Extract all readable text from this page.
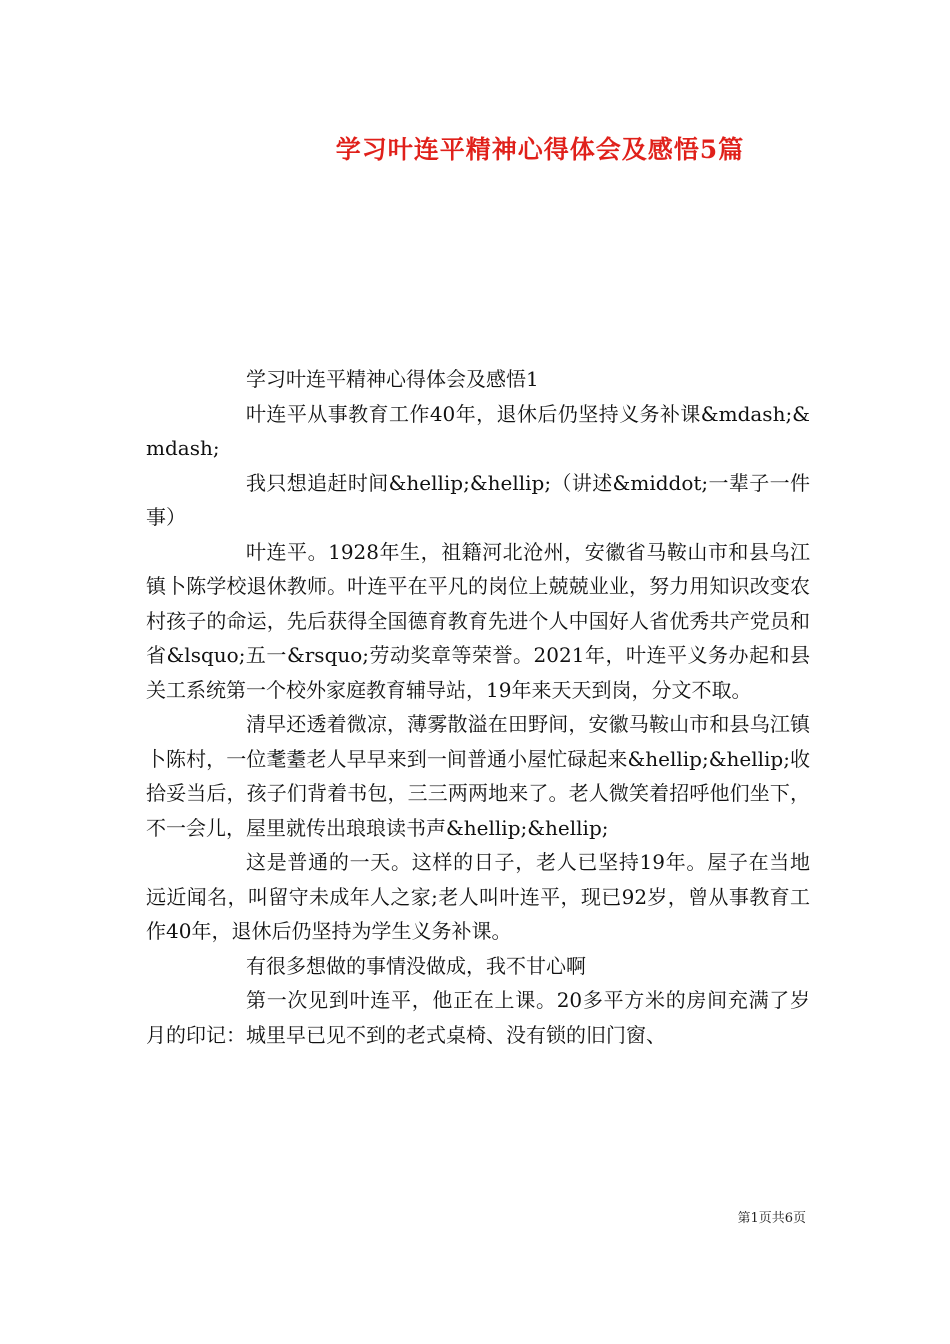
学习叶连平精神心得体会及感悟5篇

学习叶连平精神心得体会及感悟1

叶连平从事教育工作40年，退休后仍坚持义务补课&mdash;&mdash;

我只想追赶时间&hellip;&hellip;（讲述&middot;一辈子一件事）

叶连平。1928年生，祖籍河北沧州，安徽省马鞍山市和县乌江镇卜陈学校退休教师。叶连平在平凡的岗位上兢兢业业，努力用知识改变农村孩子的命运，先后获得全国德育教育先进个人中国好人省优秀共产党员和省&lsquo;五一&rsquo;劳动奖章等荣誉。2021年，叶连平义务办起和县关工系统第一个校外家庭教育辅导站，19年来天天到岗，分文不取。

清早还透着微凉，薄雾散溢在田野间，安徽马鞍山市和县乌江镇卜陈村，一位耄耋老人早早来到一间普通小屋忙碌起来&hellip;&hellip;收拾妥当后，孩子们背着书包，三三两两地来了。老人微笑着招呼他们坐下，不一会儿，屋里就传出琅琅读书声&hellip;&hellip;

这是普通的一天。这样的日子，老人已坚持19年。屋子在当地远近闻名，叫留守未成年人之家;老人叫叶连平，现已92岁，曾从事教育工作40年，退休后仍坚持为学生义务补课。

有很多想做的事情没做成，我不甘心啊

第一次见到叶连平，他正在上课。20多平方米的房间充满了岁月的印记：城里早已见不到的老式桌椅、没有锁的旧门窗、

第1页共6页
